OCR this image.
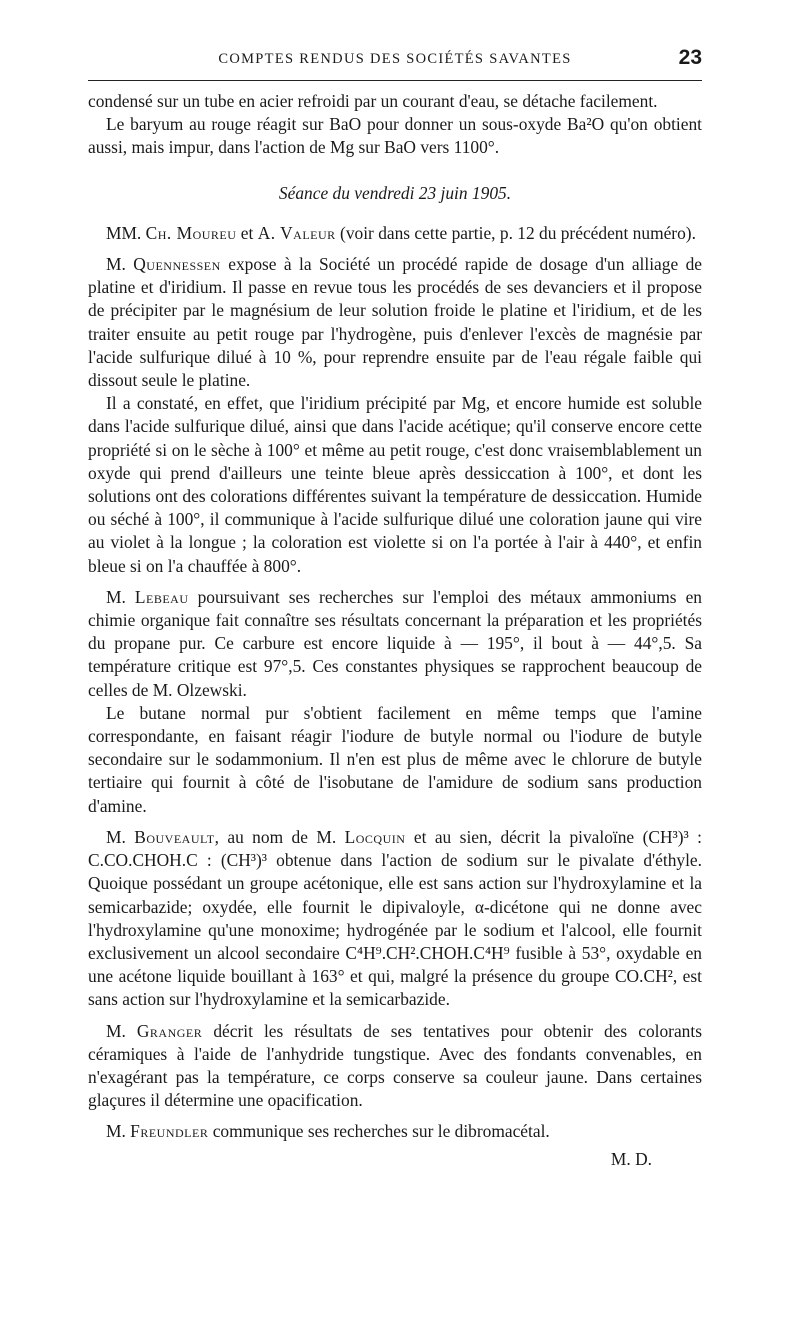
COMPTES RENDUS DES SOCIÉTÉS SAVANTES	23

condensé sur un tube en acier refroidi par un courant d'eau, se détache facilement.

Le baryum au rouge réagit sur BaO pour donner un sous-oxyde Ba²O qu'on obtient aussi, mais impur, dans l'action de Mg sur BaO vers 1100°.

Séance du vendredi 23 juin 1905.

MM. Ch. Moureu et A. Valeur (voir dans cette partie, p. 12 du précédent numéro).

M. Quennessen expose à la Société un procédé rapide de dosage d'un alliage de platine et d'iridium. Il passe en revue tous les procédés de ses devanciers et il propose de précipiter par le magnésium de leur solution froide le platine et l'iridium, et de les traiter ensuite au petit rouge par l'hydrogène, puis d'enlever l'excès de magnésie par l'acide sulfurique dilué à 10 %, pour reprendre ensuite par de l'eau régale faible qui dissout seule le platine.

Il a constaté, en effet, que l'iridium précipité par Mg, et encore humide est soluble dans l'acide sulfurique dilué, ainsi que dans l'acide acétique; qu'il conserve encore cette propriété si on le sèche à 100° et même au petit rouge, c'est donc vraisemblablement un oxyde qui prend d'ailleurs une teinte bleue après dessiccation à 100°, et dont les solutions ont des colorations différentes suivant la température de dessiccation. Humide ou séché à 100°, il communique à l'acide sulfurique dilué une coloration jaune qui vire au violet à la longue ; la coloration est violette si on l'a portée à l'air à 440°, et enfin bleue si on l'a chauffée à 800°.

M. Lebeau poursuivant ses recherches sur l'emploi des métaux ammoniums en chimie organique fait connaître ses résultats concernant la préparation et les propriétés du propane pur. Ce carbure est encore liquide à — 195°, il bout à — 44°,5. Sa température critique est 97°,5. Ces constantes physiques se rapprochent beaucoup de celles de M. Olzewski.

Le butane normal pur s'obtient facilement en même temps que l'amine correspondante, en faisant réagir l'iodure de butyle normal ou l'iodure de butyle secondaire sur le sodammonium. Il n'en est plus de même avec le chlorure de butyle tertiaire qui fournit à côté de l'isobutane de l'amidure de sodium sans production d'amine.

M. Bouveault, au nom de M. Locquin et au sien, décrit la pivaloïne (CH³)³ : C.CO.CHOH.C : (CH³)³ obtenue dans l'action de sodium sur le pivalate d'éthyle. Quoique possédant un groupe acétonique, elle est sans action sur l'hydroxylamine et la semicarbazide; oxydée, elle fournit le dipivaloyle, α-dicétone qui ne donne avec l'hydroxylamine qu'une monoxime; hydrogénée par le sodium et l'alcool, elle fournit exclusivement un alcool secondaire C⁴H⁹.CH².CHOH.C⁴H⁹ fusible à 53°, oxydable en une acétone liquide bouillant à 163° et qui, malgré la présence du groupe CO.CH², est sans action sur l'hydroxylamine et la semicarbazide.

M. Granger décrit les résultats de ses tentatives pour obtenir des colorants céramiques à l'aide de l'anhydride tungstique. Avec des fondants convenables, en n'exagérant pas la température, ce corps conserve sa couleur jaune. Dans certaines glaçures il détermine une opacification.

M. Freundler communique ses recherches sur le dibromacétal.

M. D.
